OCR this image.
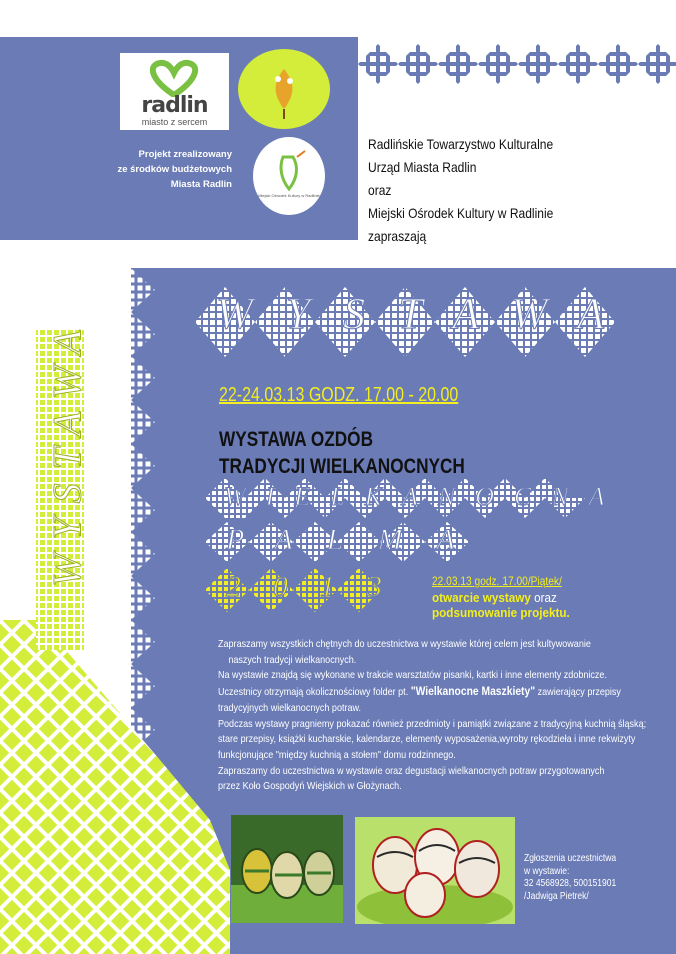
radlin
miasto z sercem
Miejski Ośrodek Kultury w Radlinie
Projekt zrealizowany
ze środków budżetowych
Miasta Radlin
Radlińskie Towarzystwo Kulturalne
Urząd Miasta Radlin
oraz
Miejski Ośrodek Kultury w Radlinie
zapraszają
WYSTAWA
WYSTAWA
22-24.03.13 GODZ. 17.00 - 20.00
WYSTAWA OZDÓB
TRADYCJI WIELKANOCNYCH
WIELKANOCNA
PALMA
2013 22.03.13 godz. 17.00/Piątek/
otwarcie wystawy oraz
podsumowanie projektu.
Zapraszamy wszystkich chętnych do uczestnictwa w wystawie której celem jest kultywowanie
naszych tradycji wielkanocnych.
Na wystawie znajdą się wykonane w trakcie warsztatów pisanki, kartki i inne elementy zdobnicze.
Uczestnicy otrzymają okolicznościowy folder pt. "Wielkanocne Maszkiety" zawierający przepisy
tradycyjnych wielkanocnych potraw.
Podczas wystawy pragniemy pokazać również przedmioty i pamiątki związane z tradycyjną kuchnią śląską;
stare przepisy, książki kucharskie, kalendarze, elementy wyposażenia,wyroby rękodzieła i inne rekwizyty
funkcjonujące "między kuchnią a stołem" domu rodzinnego.
Zapraszamy do uczestnictwa w wystawie oraz degustacji wielkanocnych potraw przygotowanych
przez Koło Gospodyń Wiejskich w Głożynach.
Zgłoszenia uczestnictwa
w wystawie:
32 4568928, 500151901
/Jadwiga Pietrek/
